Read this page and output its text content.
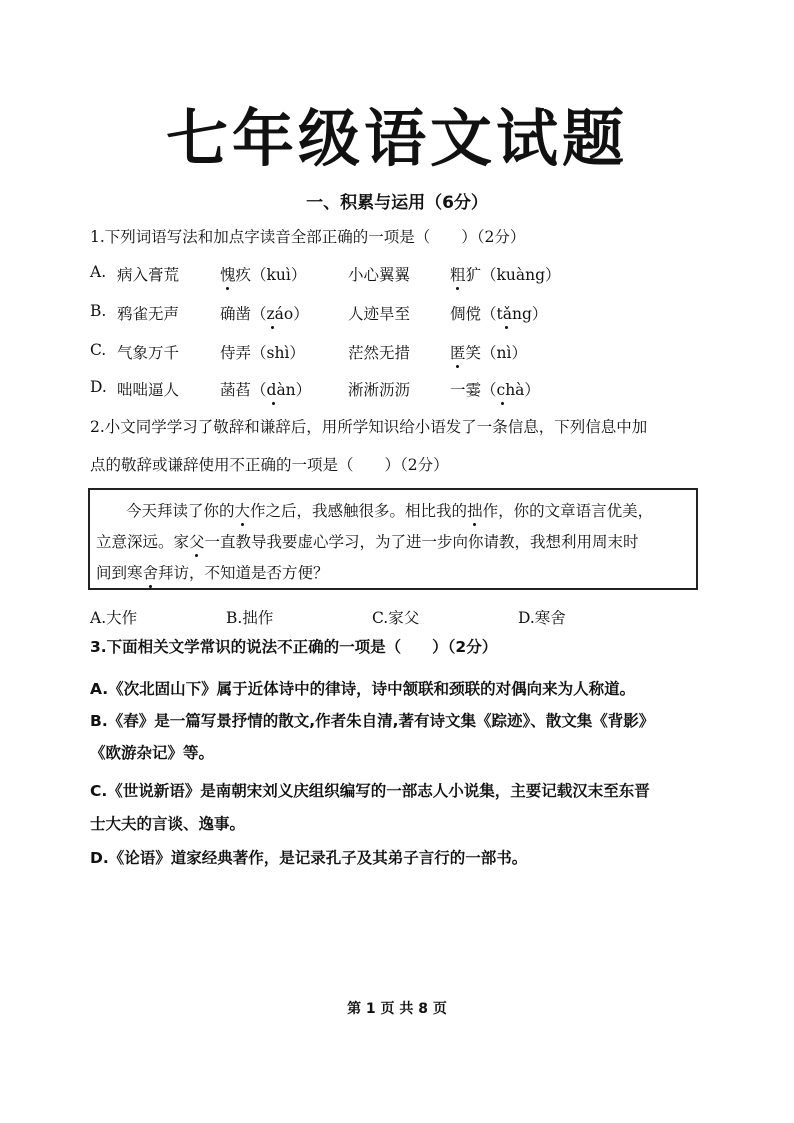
七年级语文试题
一、积累与运用（6分）
1.下列词语写法和加点字读音全部正确的一项是（　　）（2分）
A. 病入膏荒	愧疚（kuì）	小心翼翼	粗犷（kuàng）
B. 鸦雀无声	确凿（záo）	人迹旱至	倜傥（tǎng）
C. 气象万千	侍弄（shì）	茫然无措	匿笑（nì）
D. 咄咄逼人	菡萏（dàn） 淅淅沥沥	一霎（chà）
2.小文同学学习了敬辞和谦辞后，用所学知识给小语发了一条信息，下列信息中加
点的敬辞或谦辞使用不正确的一项是（　　）（2分）
今天拜读了你的大作之后，我感触很多。相比我的拙作，你的文章语言优美，
立意深远。家父一直教导我要虚心学习，为了进一步向你请教，我想利用周末时
间到寒舍拜访，不知道是否方便？
A.大作	B.拙作	C.家父	D.寒舍
3.下面相关文学常识的说法不正确的一项是（　　）（2分）
A.《次北固山下》属于近体诗中的律诗，诗中颔联和颈联的对偶向来为人称道。
B.《春》是一篇写景抒情的散文,作者朱自清,著有诗文集《踪迹》、散文集《背影》
《欧游杂记》等。
C.《世说新语》是南朝宋刘义庆组织编写的一部志人小说集，主要记载汉末至东晋
士大夫的言谈、逸事。
D.《论语》道家经典著作，是记录孔子及其弟子言行的一部书。
第 1 页 共 8 页
